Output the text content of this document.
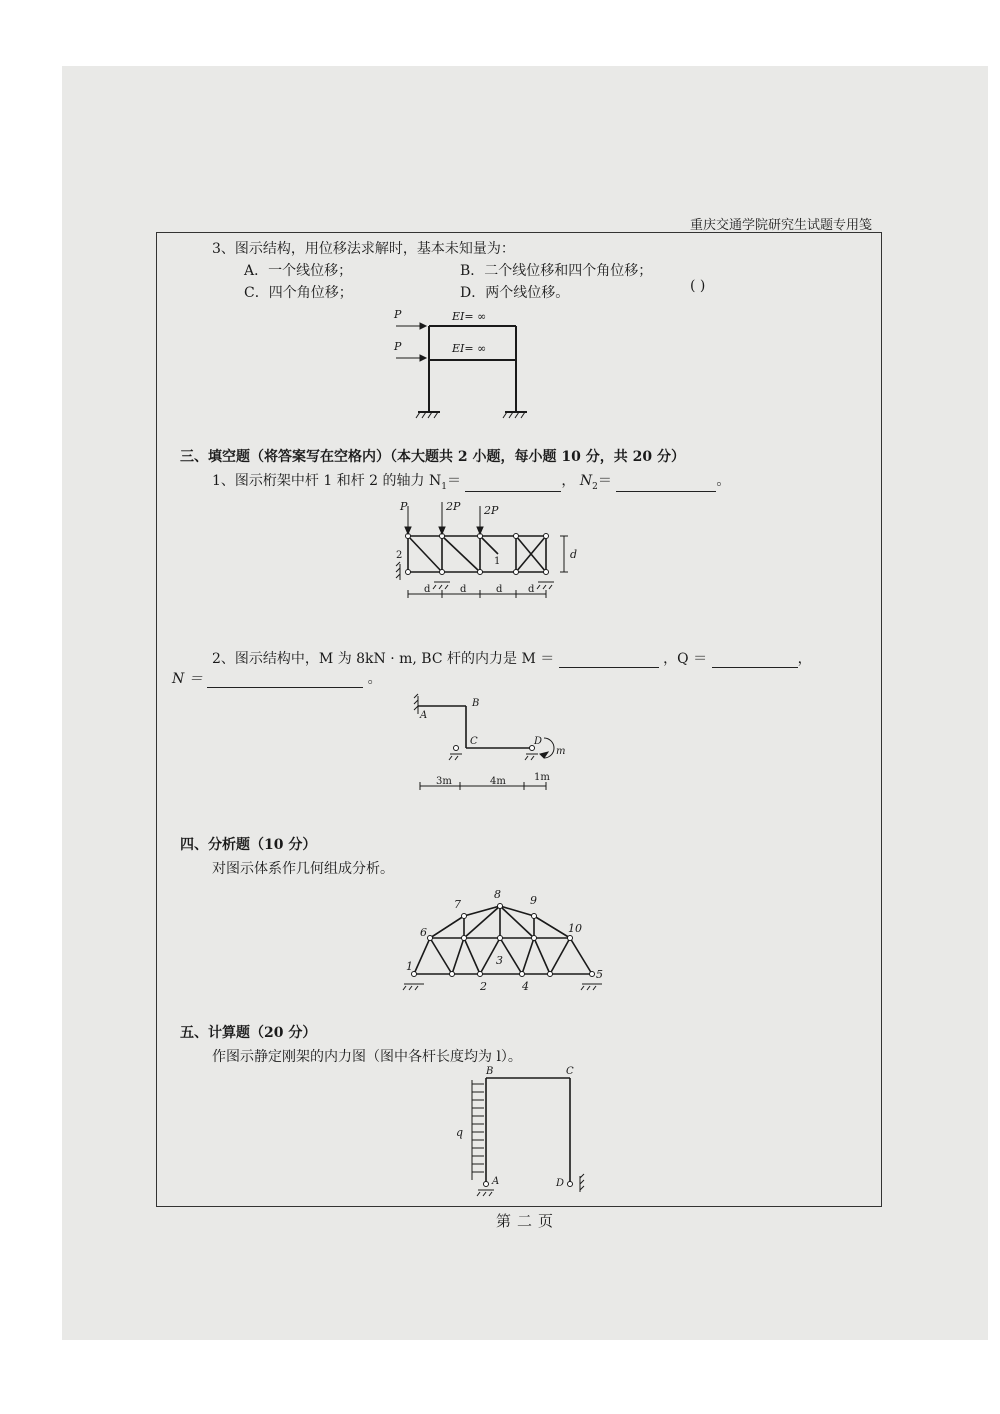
重庆交通学院研究生试题专用笺
3、图示结构，用位移法求解时，基本未知量为：
A．一个线位移；	B．二个线位移和四个角位移；
C．四个角位移；	D．两个线位移。	( )
P
P
EI= ∞
EI= ∞
三、填空题（将答案写在空格内）（本大题共 2 小题，每小题 10 分，共 20 分）
1、图示桁架中杆 1 和杆 2 的轴力 $N_1=$	， $N_2=$	。
P	2P 2P
2
1
d
d	d	d	d
2、图示结构中，M 为 8kN · m, BC 杆的内力是 M ＝	，Q ＝	，
N ＝	。
A
B
C	D
m
3m	4m	1m
四、分析题（10 分）
对图示体系作几何组成分析。
1
2
3
4
5
6
7
8	9
10
五、计算题（20 分）
作图示静定刚架的内力图（图中各杆长度均为 l）。
B	C
A	D
q
第二页
